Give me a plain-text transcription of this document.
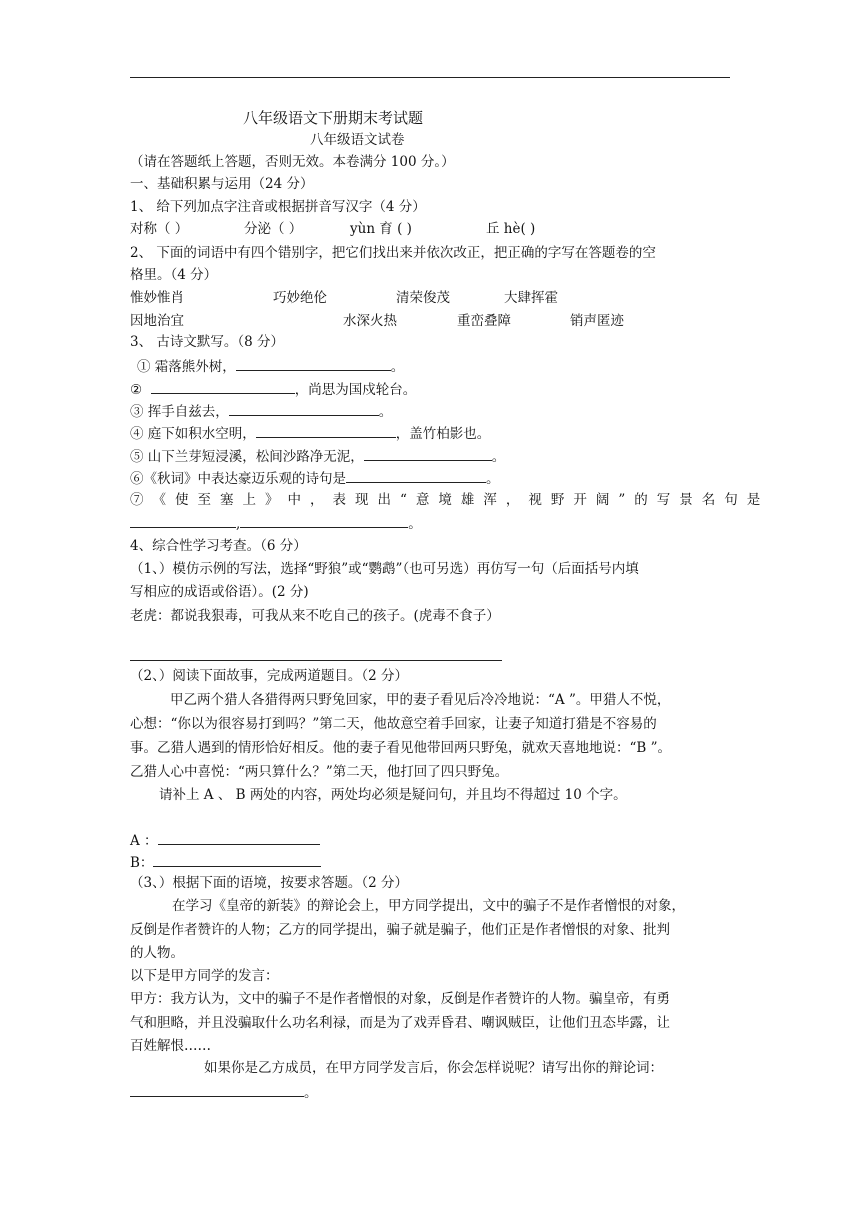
八年级语文下册期末考试题
八年级语文试卷
（请在答题纸上答题，否则无效。本卷满分 100 分。）
一、基础积累与运用（24 分）
1、 给下列加点字注音或根据拼音写汉字（4 分）
对称（ ）	分泌（ ）	yùn 育 ( )	丘 hè( )
2、 下面的词语中有四个错别字，把它们找出来并依次改正，把正确的字写在答题卷的空
格里。（4 分）
惟妙惟肖	巧妙绝伦	清荣俊茂	大肆挥霍
因地治宜	水深火热	重峦叠障	销声匿迹
3、 古诗文默写。（8 分）
① 霜落熊外树，	。
②	，尚思为国戍轮台。
③ 挥手自兹去，	。
④ 庭下如积水空明，	，盖竹柏影也。
⑤ 山下兰芽短浸溪，松间沙路净无泥，	。
⑥《秋词》中表达豪迈乐观的诗句是	。
⑦《使至塞上》中，表现出“意境雄浑，视野开阔”的写景名句是
,	。
4、综合性学习考查。（6 分）
（1、）模仿示例的写法，选择“野狼”或“鹦鹉”（也可另选）再仿写一句（后面括号内填
写相应的成语或俗语）。(2 分)
老虎：都说我狠毒，可我从来不吃自己的孩子。(虎毒不食子）
（2、）阅读下面故事，完成两道题目。（2 分）
甲乙两个猎人各猎得两只野兔回家，甲的妻子看见后冷冷地说：“A ”。甲猎人不悦，
心想：“你以为很容易打到吗？”第二天，他故意空着手回家，让妻子知道打猎是不容易的
事。乙猎人遇到的情形恰好相反。他的妻子看见他带回两只野兔，就欢天喜地地说：“B ”。
乙猎人心中喜悦：“两只算什么？”第二天，他打回了四只野兔。
请补上 A 、 B 两处的内容，两处均必须是疑问句，并且均不得超过 10 个字。
A ：
B：
（3、）根据下面的语境，按要求答题。（2 分）
在学习《皇帝的新装》的辩论会上，甲方同学提出，文中的骗子不是作者憎恨的对象，
反倒是作者赞许的人物；乙方的同学提出，骗子就是骗子，他们正是作者憎恨的对象、批判
的人物。
以下是甲方同学的发言：
甲方：我方认为，文中的骗子不是作者憎恨的对象，反倒是作者赞许的人物。骗皇帝，有勇
气和胆略，并且没骗取什么功名利禄，而是为了戏弄昏君、嘲讽贼臣，让他们丑态毕露，让
百姓解恨……
如果你是乙方成员，在甲方同学发言后，你会怎样说呢？请写出你的辩论词：
。
